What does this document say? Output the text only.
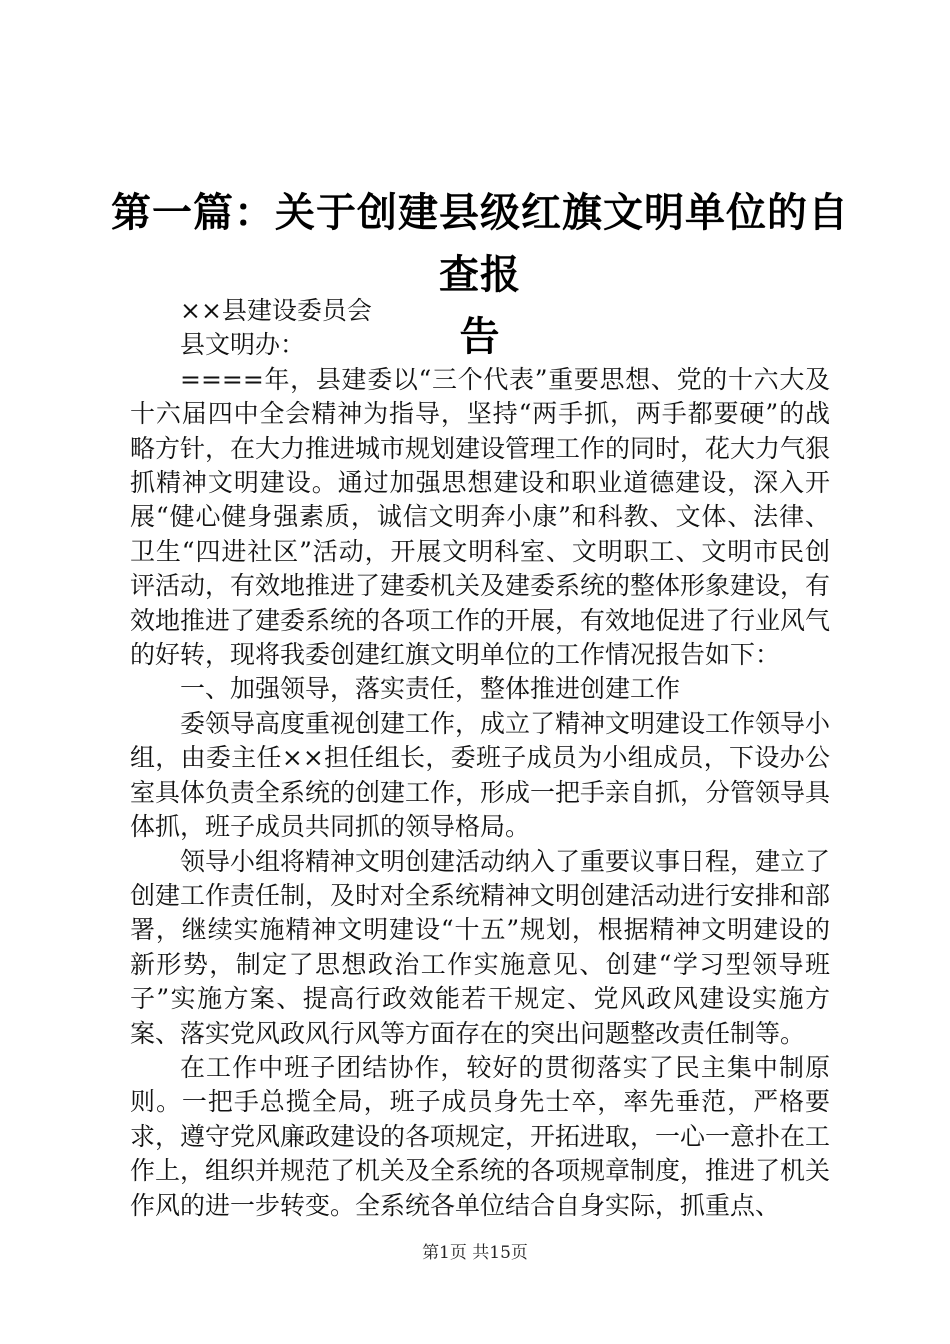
第一篇：关于创建县级红旗文明单位的自查报
告

××县建设委员会

县文明办：

====年，县建委以“三个代表”重要思想、党的十六大及十六届四中全会精神为指导，坚持“两手抓，两手都要硬”的战略方针，在大力推进城市规划建设管理工作的同时，花大力气狠抓精神文明建设。通过加强思想建设和职业道德建设，深入开展“健心健身强素质，诚信文明奔小康”和科教、文体、法律、卫生“四进社区”活动，开展文明科室、文明职工、文明市民创评活动，有效地推进了建委机关及建委系统的整体形象建设，有效地推进了建委系统的各项工作的开展，有效地促进了行业风气的好转，现将我委创建红旗文明单位的工作情况报告如下：

一、加强领导，落实责任，整体推进创建工作

委领导高度重视创建工作，成立了精神文明建设工作领导小组，由委主任××担任组长，委班子成员为小组成员，下设办公室具体负责全系统的创建工作，形成一把手亲自抓，分管领导具体抓，班子成员共同抓的领导格局。

领导小组将精神文明创建活动纳入了重要议事日程，建立了创建工作责任制，及时对全系统精神文明创建活动进行安排和部署，继续实施精神文明建设“十五”规划，根据精神文明建设的新形势，制定了思想政治工作实施意见、创建“学习型领导班子”实施方案、提高行政效能若干规定、党风政风建设实施方案、落实党风政风行风等方面存在的突出问题整改责任制等。

在工作中班子团结协作，较好的贯彻落实了民主集中制原则。一把手总揽全局，班子成员身先士卒，率先垂范，严格要求，遵守党风廉政建设的各项规定，开拓进取，一心一意扑在工作上，组织并规范了机关及全系统的各项规章制度，推进了机关作风的进一步转变。全系统各单位结合自身实际，抓重点、

第1页 共15页
